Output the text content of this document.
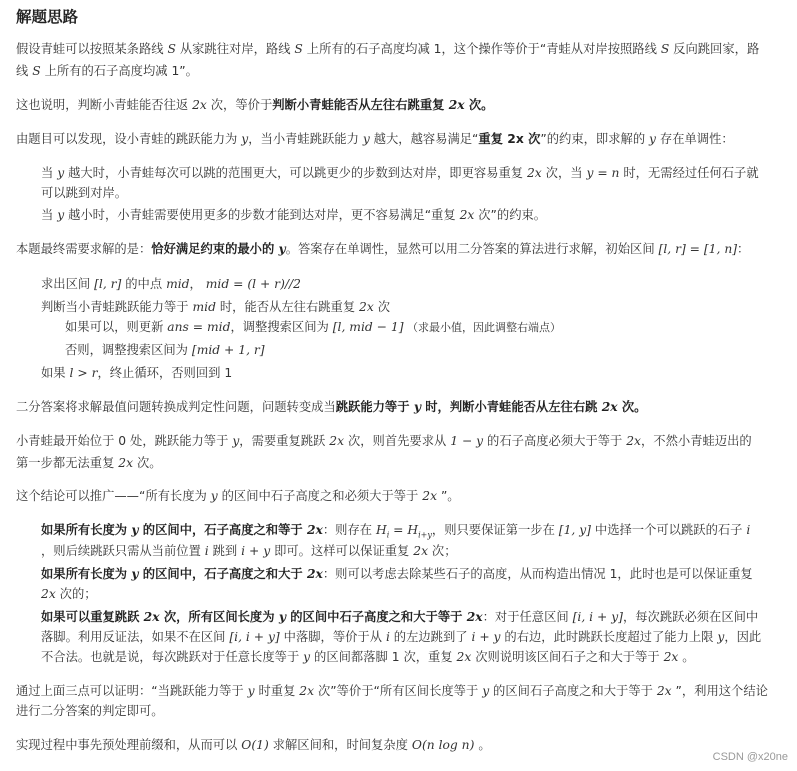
解题思路
假设青蛙可以按照某条路线 S 从家跳往对岸，路线 S 上所有的石子高度均减 1，这个操作等价于“青蛙从对岸按照路线 S 反向跳回家，路
线 S 上所有的石子高度均减 1”。
这也说明，判断小青蛙能否往返 2x 次，等价于判断小青蛙能否从左往右跳重复 2x 次。
由题目可以发现，设小青蛙的跳跃能力为 y，当小青蛙跳跃能力 y 越大，越容易满足“重复 2x 次”的约束，即求解的 y 存在单调性：
当 y 越大时，小青蛙每次可以跳的范围更大，可以跳更少的步数到达对岸，即更容易重复 2x 次，当 y = n 时，无需经过任何石子就
可以跳到对岸。
当 y 越小时，小青蛙需要使用更多的步数才能到达对岸，更不容易满足“重复 2x 次”的约束。
本题最终需要求解的是：恰好满足约束的最小的 y。答案存在单调性，显然可以用二分答案的算法进行求解，初始区间 [l, r] = [1, n]：
求出区间 [l, r] 的中点 mid， mid = (l + r)//2
判断当小青蛙跳跃能力等于 mid 时，能否从左往右跳重复 2x 次
如果可以，则更新 ans = mid，调整搜索区间为 [l, mid − 1] （求最小值，因此调整右端点）
否则，调整搜索区间为 [mid + 1, r]
如果 l > r，终止循环，否则回到 1
二分答案将求解最值问题转换成判定性问题，问题转变成当跳跃能力等于 y 时，判断小青蛙能否从左往右跳 2x 次。
小青蛙最开始位于 0 处，跳跃能力等于 y，需要重复跳跃 2x 次，则首先要求从 1 − y 的石子高度必须大于等于 2x，不然小青蛙迈出的
第一步都无法重复 2x 次。
这个结论可以推广——“所有长度为 y 的区间中石子高度之和必须大于等于 2x ”。
如果所有长度为 y 的区间中，石子高度之和等于 2x：则存在 $H_i = H_{i+y}$，则只要保证第一步在 [1, y] 中选择一个可以跳跃的石子 i
，则后续跳跃只需从当前位置 i 跳到 i + y 即可。这样可以保证重复 2x 次；
如果所有长度为 y 的区间中，石子高度之和大于 2x：则可以考虑去除某些石子的高度，从而构造出情况 1，此时也是可以保证重复
2x 次的；
如果可以重复跳跃 2x 次，所有区间长度为 y 的区间中石子高度之和大于等于 2x：对于任意区间 [i, i + y]，每次跳跃必须在区间中
落脚。利用反证法，如果不在区间 [i, i + y] 中落脚，等价于从 i 的左边跳到了 i + y 的右边，此时跳跃长度超过了能力上限 y，因此
不合法。也就是说，每次跳跃对于任意长度等于 y 的区间都落脚 1 次，重复 2x 次则说明该区间石子之和大于等于 2x 。
通过上面三点可以证明：“当跳跃能力等于 y 时重复 2x 次”等价于“所有区间长度等于 y 的区间石子高度之和大于等于 2x ”，利用这个结论
进行二分答案的判定即可。
实现过程中事先预处理前缀和，从而可以 O(1) 求解区间和，时间复杂度 O(n log n) 。
CSDN @x20ne
